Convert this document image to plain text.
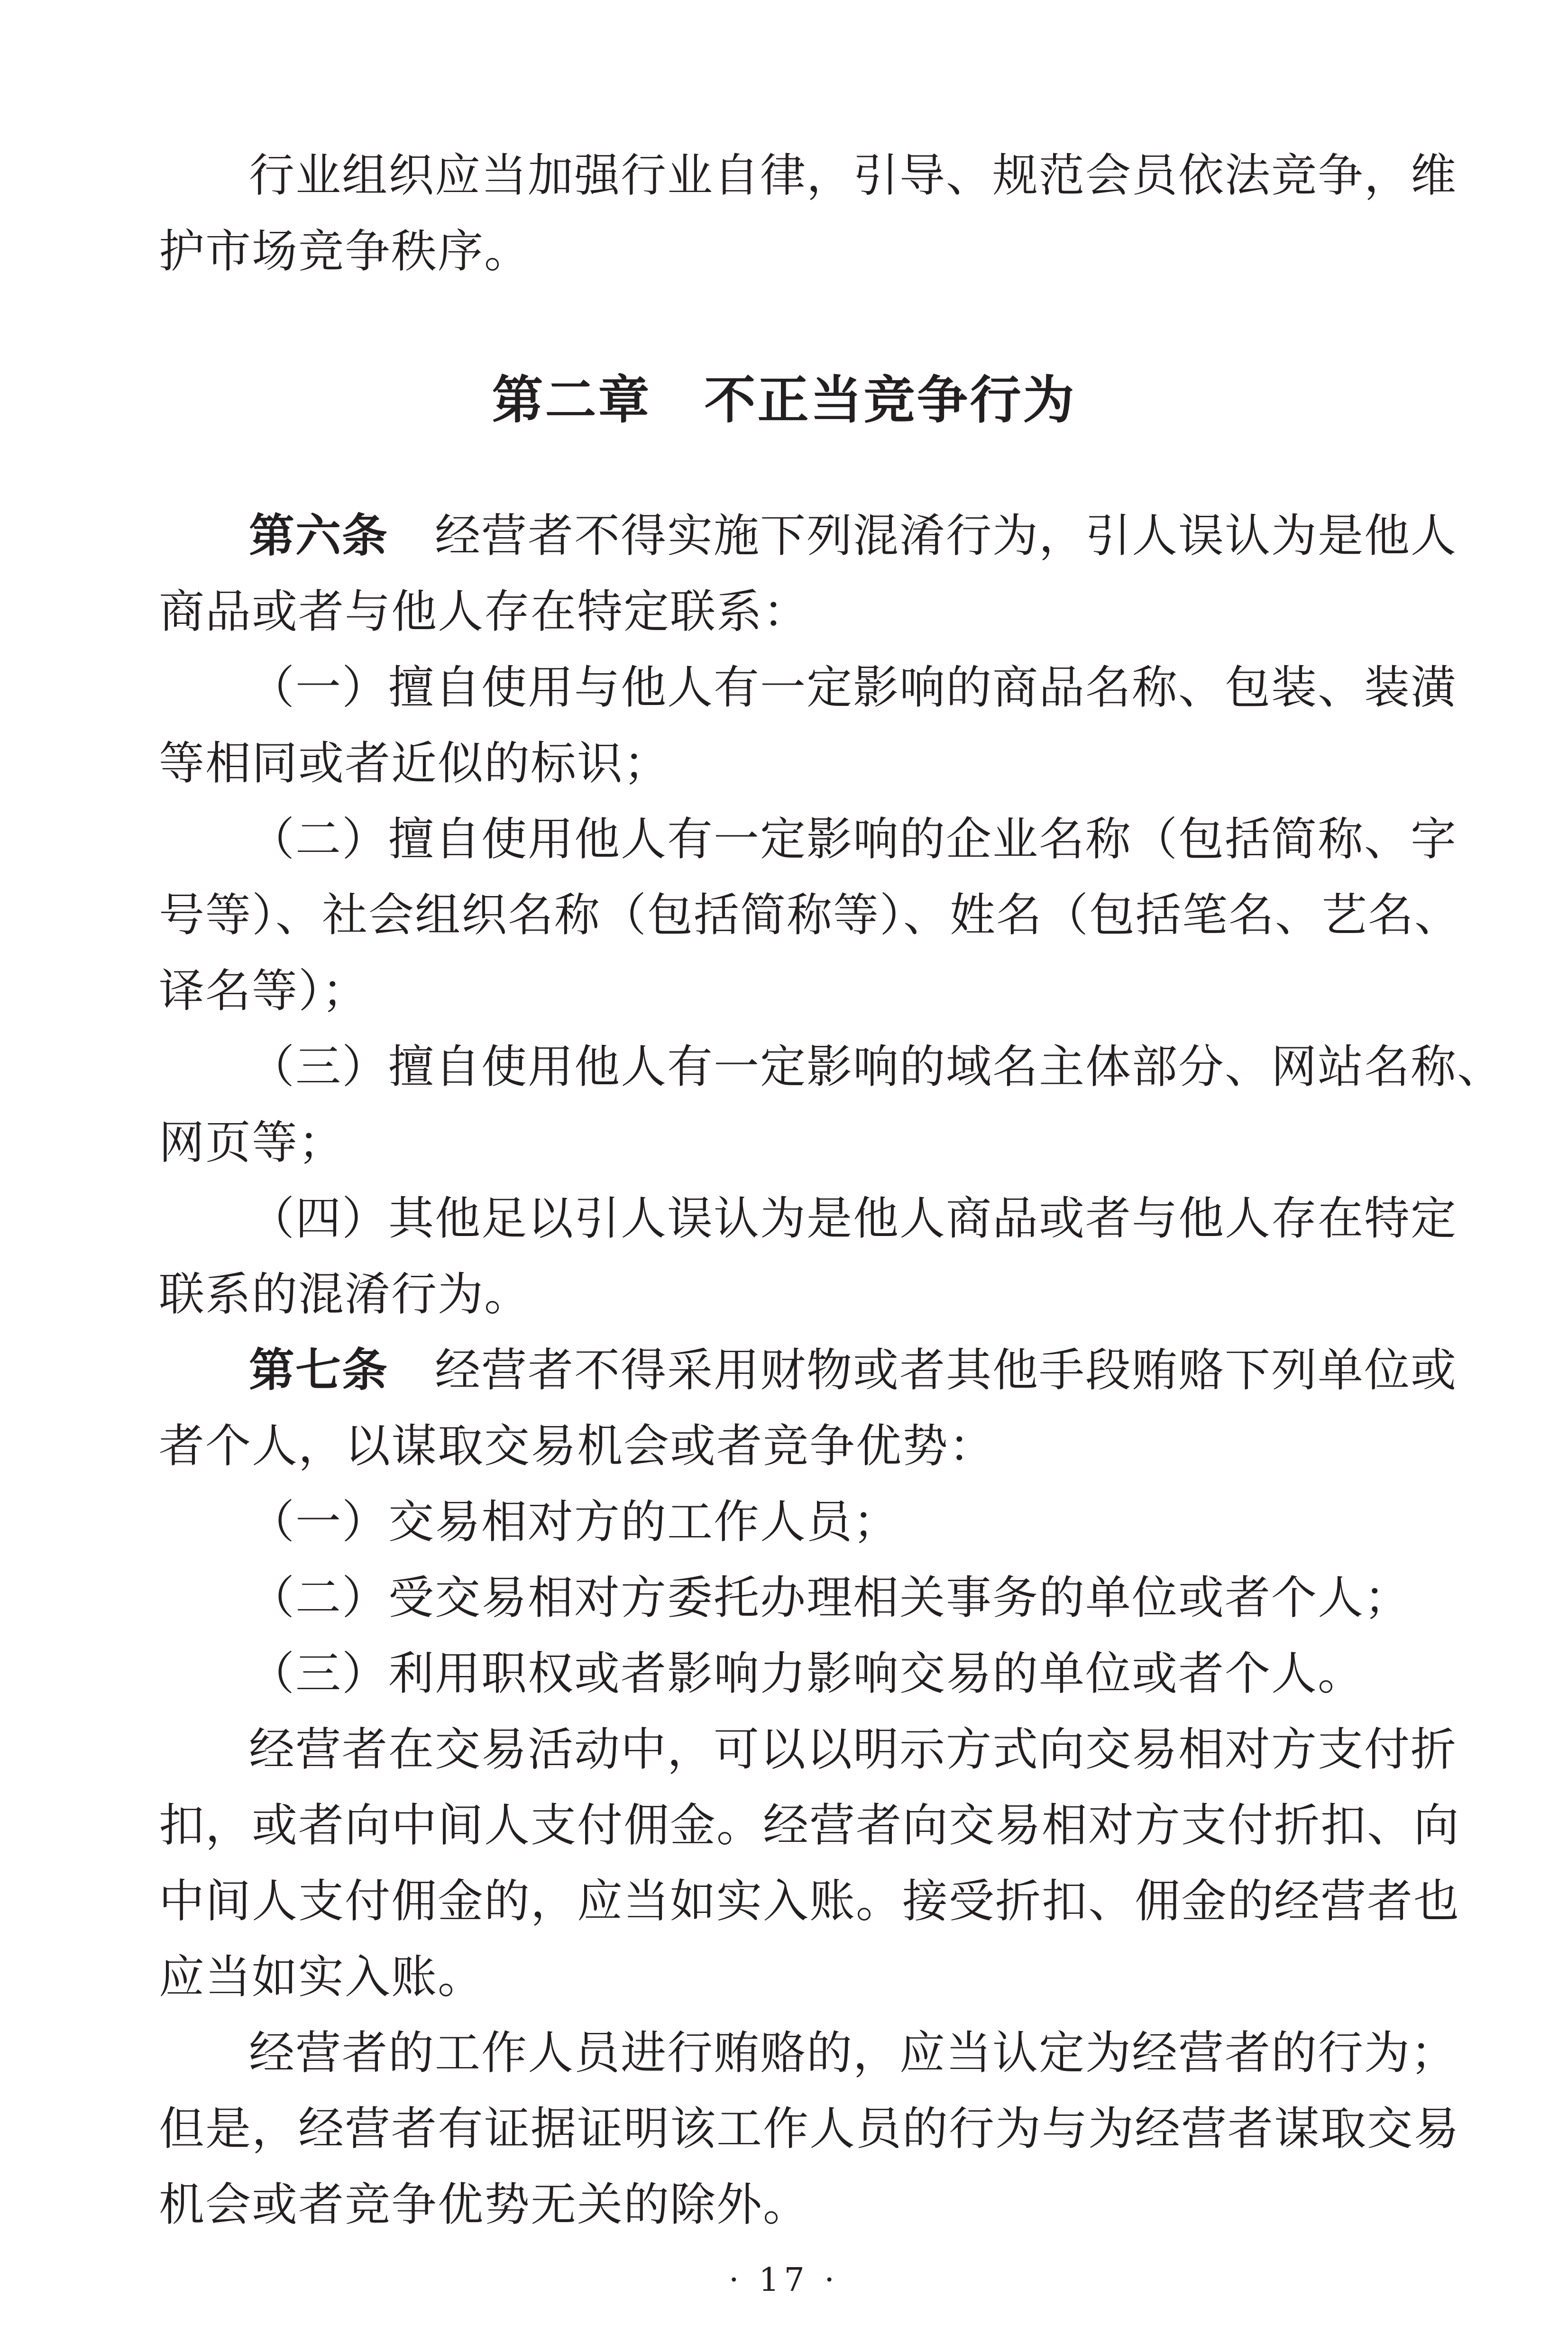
行业组织应当加强行业自律，引导、规范会员依法竞争，维

护市场竞争秩序。

第二章　不正当竞争行为

第六条　经营者不得实施下列混淆行为，引人误认为是他人

商品或者与他人存在特定联系：

（一）擅自使用与他人有一定影响的商品名称、包装、装潢

等相同或者近似的标识；

（二）擅自使用他人有一定影响的企业名称（包括简称、字

号等）、社会组织名称（包括简称等）、姓名（包括笔名、艺名、

译名等）；

（三）擅自使用他人有一定影响的域名主体部分、网站名称、

网页等；

（四）其他足以引人误认为是他人商品或者与他人存在特定

联系的混淆行为。

第七条　经营者不得采用财物或者其他手段贿赂下列单位或

者个人，以谋取交易机会或者竞争优势：

（一）交易相对方的工作人员；

（二）受交易相对方委托办理相关事务的单位或者个人；

（三）利用职权或者影响力影响交易的单位或者个人。

经营者在交易活动中，可以以明示方式向交易相对方支付折

扣，或者向中间人支付佣金。经营者向交易相对方支付折扣、向

中间人支付佣金的，应当如实入账。接受折扣、佣金的经营者也

应当如实入账。

经营者的工作人员进行贿赂的，应当认定为经营者的行为；

但是，经营者有证据证明该工作人员的行为与为经营者谋取交易

机会或者竞争优势无关的除外。

· 17 ·
